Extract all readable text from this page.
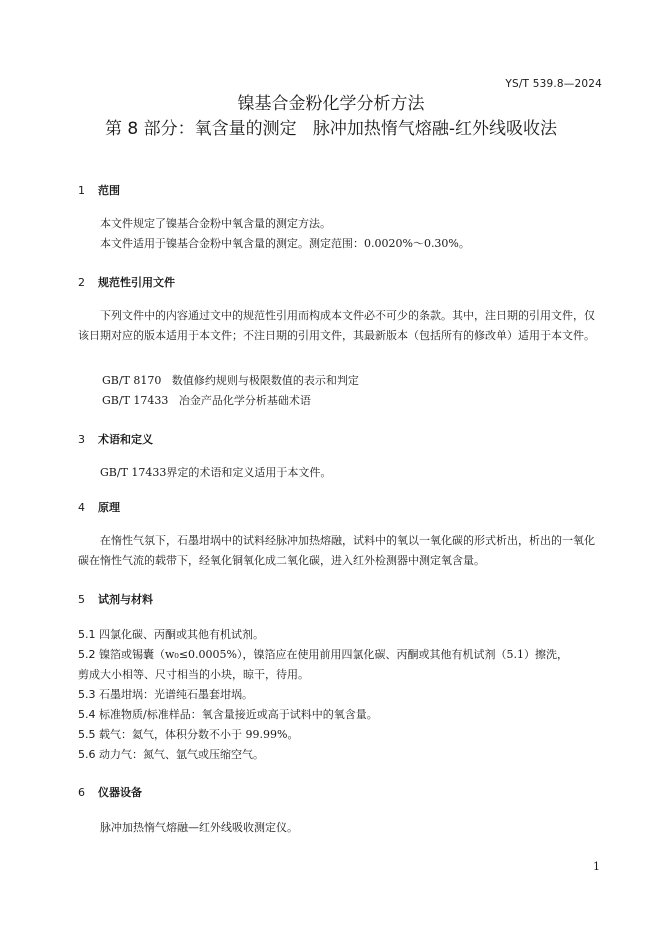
YS/T 539.8—2024
镍基合金粉化学分析方法
第 8 部分：氧含量的测定   脉冲加热惰气熔融-红外线吸收法
1 范围
本文件规定了镍基合金粉中氧含量的测定方法。
本文件适用于镍基合金粉中氧含量的测定。测定范围：0.0020%～0.30%。
2 规范性引用文件
下列文件中的内容通过文中的规范性引用而构成本文件必不可少的条款。其中，注日期的引用文件，仅该日期对应的版本适用于本文件；不注日期的引用文件，其最新版本（包括所有的修改单）适用于本文件。
GB/T 8170   数值修约规则与极限数值的表示和判定
GB/T 17433   冶金产品化学分析基础术语
3 术语和定义
GB/T 17433界定的术语和定义适用于本文件。
4 原理
在惰性气氛下，石墨坩埚中的试料经脉冲加热熔融，试料中的氧以一氧化碳的形式析出，析出的一氧化碳在惰性气流的载带下，经氧化铜氧化成二氧化碳，进入红外检测器中测定氧含量。
5 试剂与材料
5.1 四氯化碳、丙酮或其他有机试剂。
5.2 镍箔或锡囊（w₀≤0.0005%），镍箔应在使用前用四氯化碳、丙酮或其他有机试剂（5.1）擦洗，
剪成大小相等、尺寸相当的小块，晾干，待用。
5.3 石墨坩埚：光谱纯石墨套坩埚。
5.4 标准物质/标准样品：氧含量接近或高于试料中的氧含量。
5.5 载气：氦气，体积分数不小于 99.99%。
5.6 动力气：氮气、氩气或压缩空气。
6 仪器设备
脉冲加热惰气熔融—红外线吸收测定仪。
1
